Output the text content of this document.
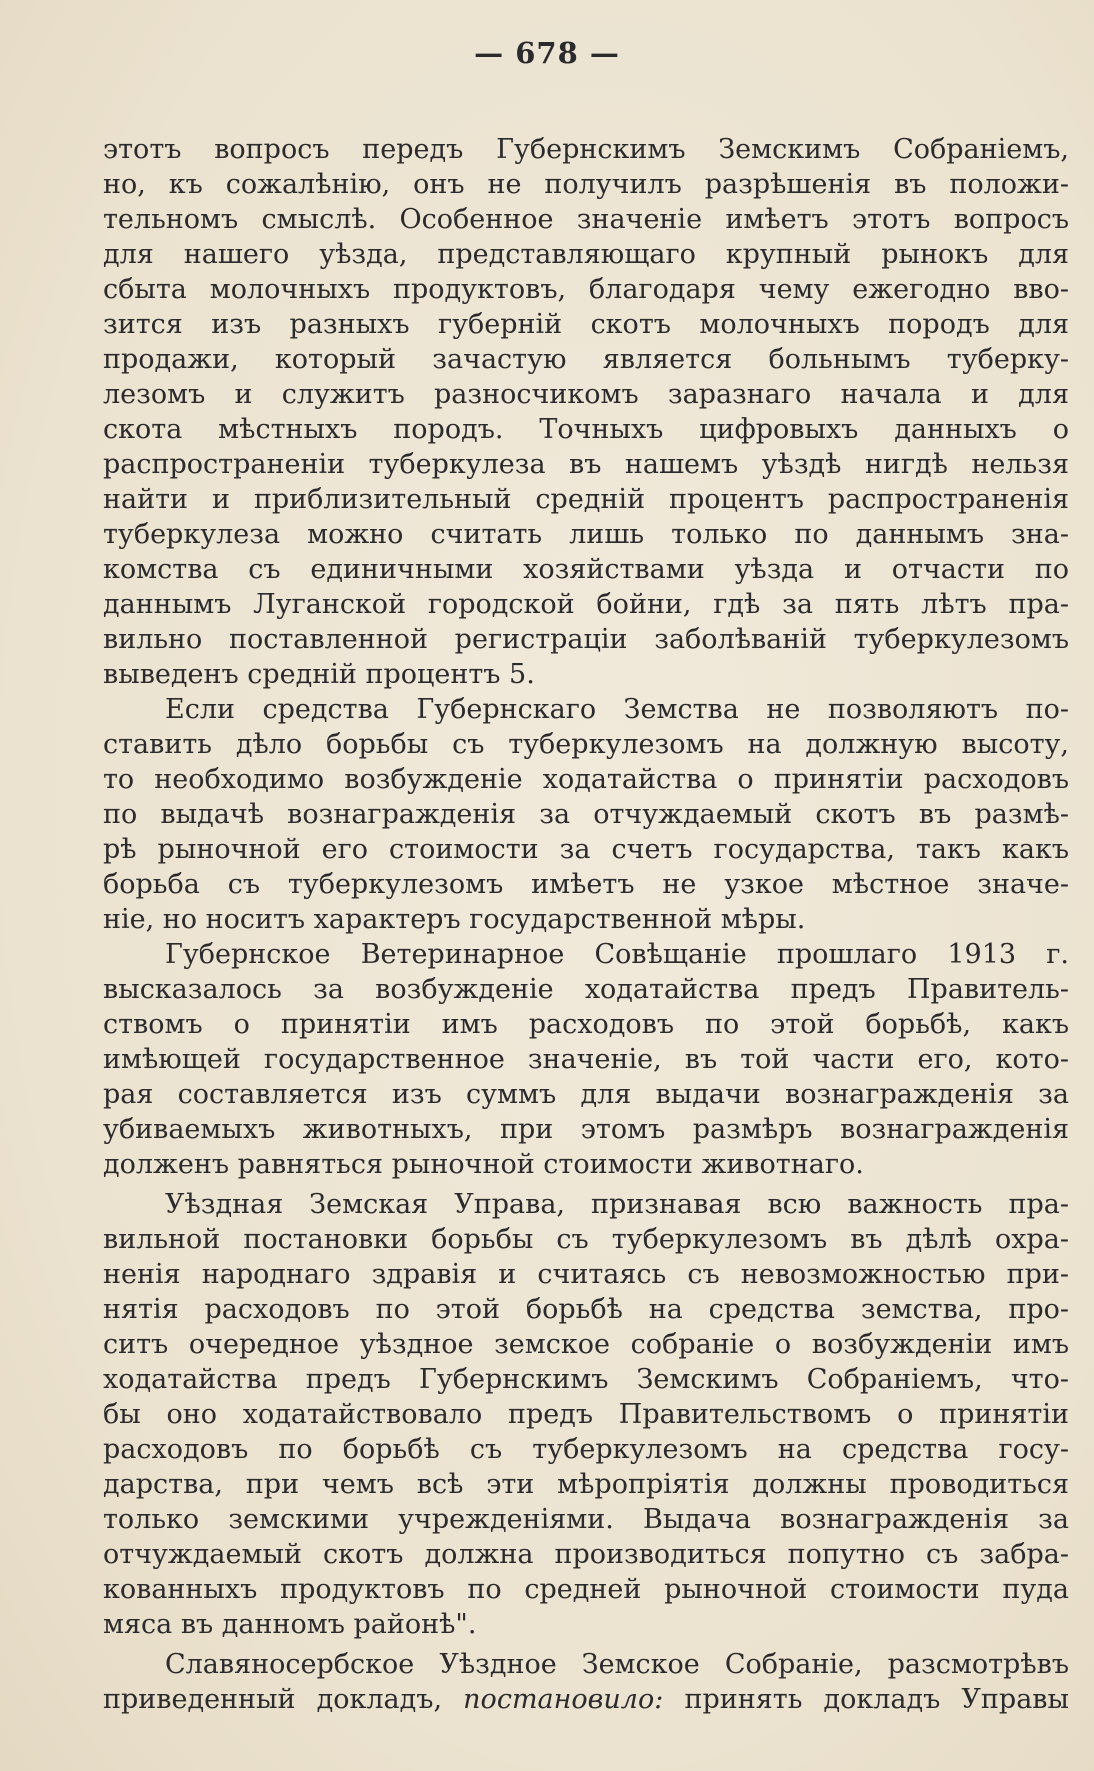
— 678 —
этотъ вопросъ передъ Губернскимъ Земскимъ Собраніемъ,
но, къ сожалѣнію, онъ не получилъ разрѣшенія въ положи-
тельномъ смыслѣ. Особенное значеніе имѣетъ этотъ вопросъ
для нашего уѣзда, представляющаго крупный рынокъ для
сбыта молочныхъ продуктовъ, благодаря чему ежегодно вво-
зится изъ разныхъ губерній скотъ молочныхъ породъ для
продажи, который зачастую является больнымъ туберку-
лезомъ и служитъ разносчикомъ заразнаго начала и для
скота мѣстныхъ породъ. Точныхъ цифровыхъ данныхъ о
распространеніи туберкулеза въ нашемъ уѣздѣ нигдѣ нельзя
найти и приблизительный средній процентъ распространенія
туберкулеза можно считать лишь только по даннымъ зна-
комства съ единичными хозяйствами уѣзда и отчасти по
даннымъ Луганской городской бойни, гдѣ за пять лѣтъ пра-
вильно поставленной регистраціи заболѣваній туберкулезомъ
выведенъ средній процентъ 5.
Если средства Губернскаго Земства не позволяютъ по-
ставить дѣло борьбы съ туберкулезомъ на должную высоту,
то необходимо возбужденіе ходатайства о принятіи расходовъ
по выдачѣ вознагражденія за отчуждаемый скотъ въ размѣ-
рѣ рыночной его стоимости за счетъ государства, такъ какъ
борьба съ туберкулезомъ имѣетъ не узкое мѣстное значе-
ніе, но носитъ характеръ государственной мѣры.
Губернское Ветеринарное Совѣщаніе прошлаго 1913 г.
высказалось за возбужденіе ходатайства предъ Правитель-
ствомъ о принятіи имъ расходовъ по этой борьбѣ, какъ
имѣющей государственное значеніе, въ той части его, кото-
рая составляется изъ суммъ для выдачи вознагражденія за
убиваемыхъ животныхъ, при этомъ размѣръ вознагражденія
долженъ равняться рыночной стоимости животнаго.
Уѣздная Земская Управа, признавая всю важность пра-
вильной постановки борьбы съ туберкулезомъ въ дѣлѣ охра-
ненія народнаго здравія и считаясь съ невозможностью при-
нятія расходовъ по этой борьбѣ на средства земства, про-
ситъ очередное уѣздное земское собраніе о возбужденіи имъ
ходатайства предъ Губернскимъ Земскимъ Собраніемъ, что-
бы оно ходатайствовало предъ Правительствомъ о принятіи
расходовъ по борьбѣ съ туберкулезомъ на средства госу-
дарства, при чемъ всѣ эти мѣропріятія должны проводиться
только земскими учрежденіями. Выдача вознагражденія за
отчуждаемый скотъ должна производиться попутно съ забра-
кованныхъ продуктовъ по средней рыночной стоимости пуда
мяса въ данномъ районѣ".
Славяносербское Уѣздное Земское Собраніе, разсмотрѣвъ
приведенный докладъ, постановило: принять докладъ Управы
